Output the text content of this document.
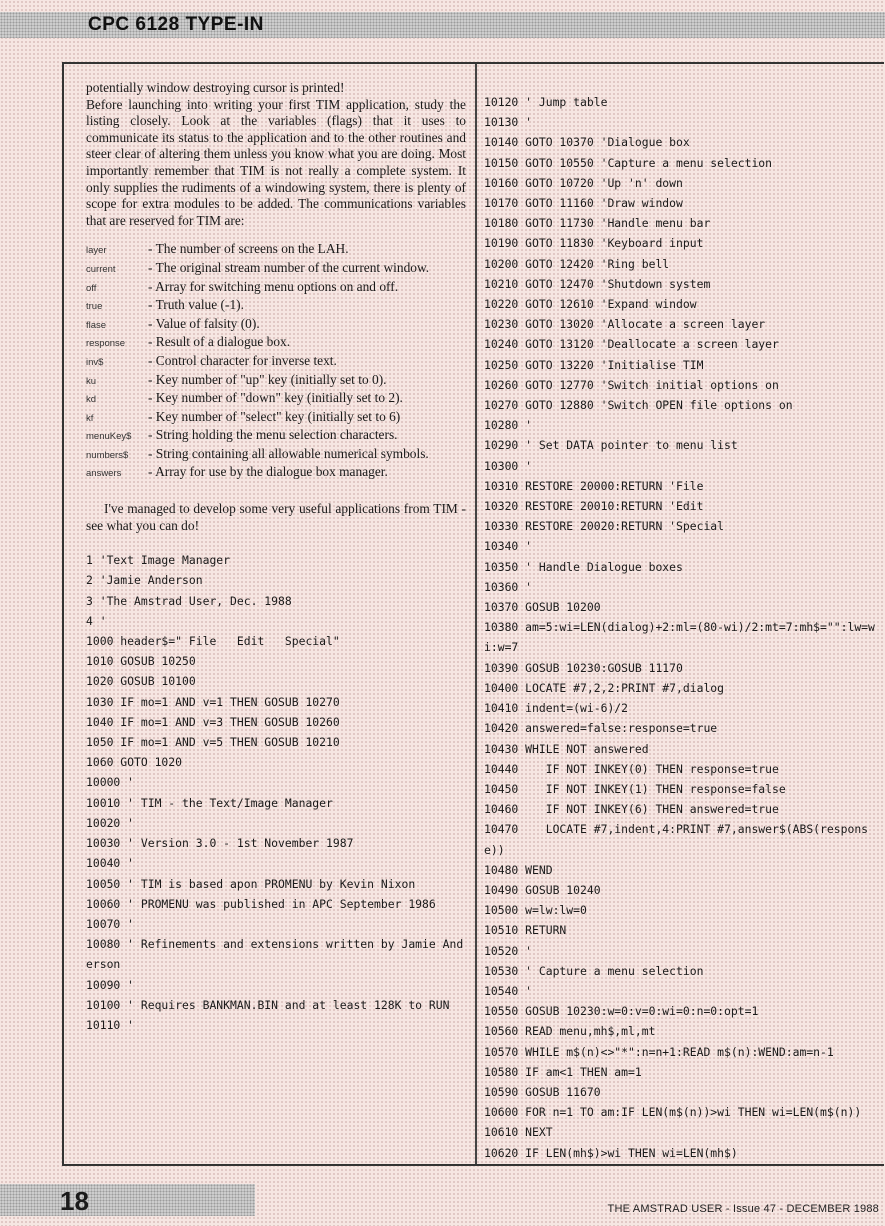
CPC 6128 TYPE-IN

potentially window destroying cursor is printed!

Before launching into writing your first TIM application, study the listing closely. Look at the variables (flags) that it uses to communicate its status to the application and to the other routines and steer clear of altering them unless you know what you are doing. Most importantly remember that TIM is not really a complete system. It only supplies the rudiments of a windowing system, there is plenty of scope for extra modules to be added. The communications variables that are reserved for TIM are:

layer	- The number of screens on the LAH.
current	- The original stream number of the current window.
off	- Array for switching menu options on and off.
true	- Truth value (-1).
flase	- Value of falsity (0).
response	- Result of a dialogue box.
inv$	- Control character for inverse text.
ku	- Key number of "up" key (initially set to 0).
kd	- Key number of "down" key (initially set to 2).
kf	- Key number of "select" key (initially set to 6)
menuKey$	- String holding the menu selection characters.
numbers$	- String containing all allowable numerical symbols.
answers	- Array for use by the dialogue box manager.

I've managed to develop some very useful applications from TIM - see what you can do!

1 'Text Image Manager
2 'Jamie Anderson
3 'The Amstrad User, Dec. 1988
4 '
1000 header$=" File   Edit   Special"
1010 GOSUB 10250
1020 GOSUB 10100
1030 IF mo=1 AND v=1 THEN GOSUB 10270
1040 IF mo=1 AND v=3 THEN GOSUB 10260
1050 IF mo=1 AND v=5 THEN GOSUB 10210
1060 GOTO 1020
10000 '
10010 ' TIM - the Text/Image Manager
10020 '
10030 ' Version 3.0 - 1st November 1987
10040 '
10050 ' TIM is based apon PROMENU by Kevin Nixon
10060 ' PROMENU was published in APC September 1986
10070 '
10080 ' Refinements and extensions written by Jamie Anderson
10090 '
10100 ' Requires BANKMAN.BIN and at least 128K to RUN
10110 '
10120 ' Jump table
10130 '
10140 GOTO 10370 'Dialogue box
10150 GOTO 10550 'Capture a menu selection
10160 GOTO 10720 'Up 'n' down
10170 GOTO 11160 'Draw window
10180 GOTO 11730 'Handle menu bar
10190 GOTO 11830 'Keyboard input
10200 GOTO 12420 'Ring bell
10210 GOTO 12470 'Shutdown system
10220 GOTO 12610 'Expand window
10230 GOTO 13020 'Allocate a screen layer
10240 GOTO 13120 'Deallocate a screen layer
10250 GOTO 13220 'Initialise TIM
10260 GOTO 12770 'Switch initial options on
10270 GOTO 12880 'Switch OPEN file options on
10280 '
10290 ' Set DATA pointer to menu list
10300 '
10310 RESTORE 20000:RETURN 'File
10320 RESTORE 20010:RETURN 'Edit
10330 RESTORE 20020:RETURN 'Special
10340 '
10350 ' Handle Dialogue boxes
10360 '
10370 GOSUB 10200
10380 am=5:wi=LEN(dialog)+2:ml=(80-wi)/2:mt=7:mh$="":lw=wi:w=7
10390 GOSUB 10230:GOSUB 11170
10400 LOCATE #7,2,2:PRINT #7,dialog
10410 indent=(wi-6)/2
10420 answered=false:response=true
10430 WHILE NOT answered
10440    IF NOT INKEY(0) THEN response=true
10450    IF NOT INKEY(1) THEN response=false
10460    IF NOT INKEY(6) THEN answered=true
10470    LOCATE #7,indent,4:PRINT #7,answer$(ABS(response))
10480 WEND
10490 GOSUB 10240
10500 w=lw:lw=0
10510 RETURN
10520 '
10530 ' Capture a menu selection
10540 '
10550 GOSUB 10230:w=0:v=0:wi=0:n=0:opt=1
10560 READ menu,mh$,ml,mt
10570 WHILE m$(n)<>"*":n=n+1:READ m$(n):WEND:am=n-1
10580 IF am<1 THEN am=1
10590 GOSUB 11670
10600 FOR n=1 TO am:IF LEN(m$(n))>wi THEN wi=LEN(m$(n))
10610 NEXT
10620 IF LEN(mh$)>wi THEN wi=LEN(mh$)
18	THE AMSTRAD USER - Issue 47 - DECEMBER 1988
